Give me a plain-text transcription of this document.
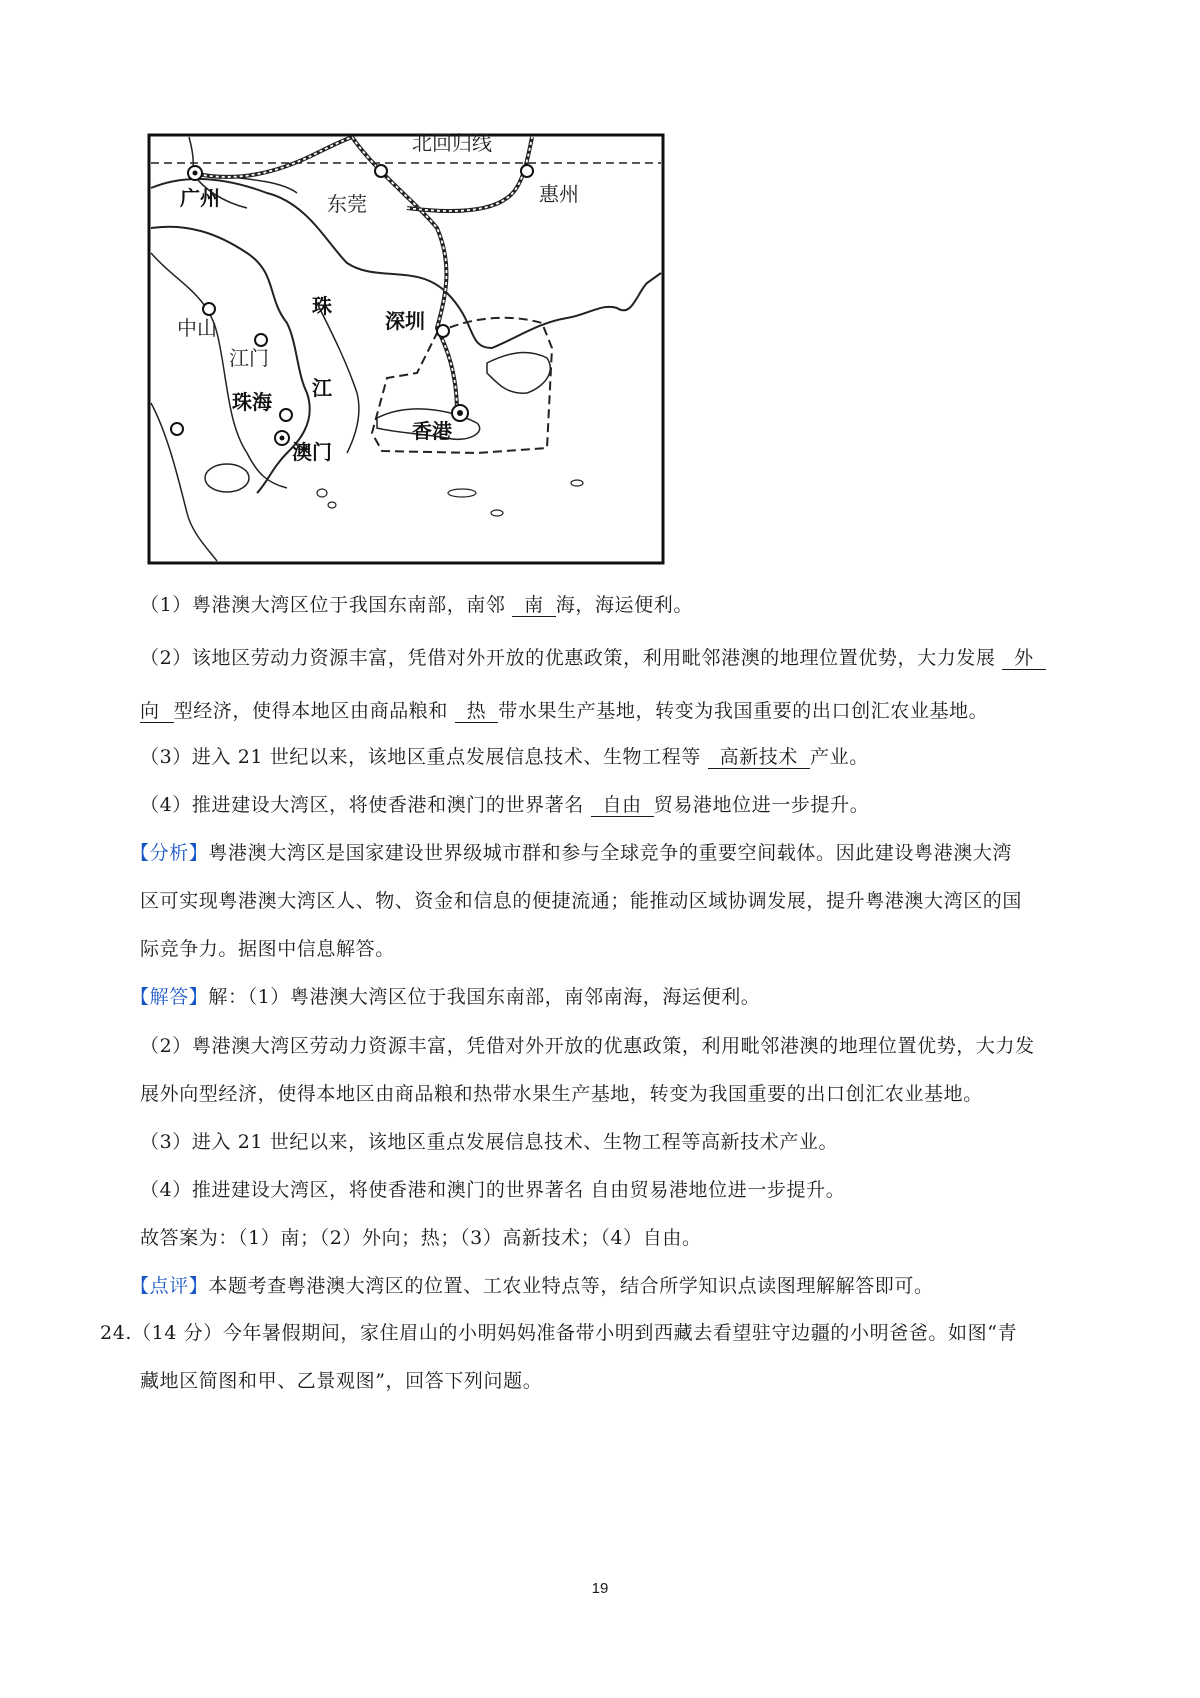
北回归线
广州	东莞	惠州
珠
江
深圳
中山
江门
珠海
澳门
香港
（1）粤港澳大湾区位于我国东南部，南邻 南 海，海运便利。
（2）该地区劳动力资源丰富，凭借对外开放的优惠政策，利用毗邻港澳的地理位置优势，大力发展 外
向 型经济，使得本地区由商品粮和 热 带水果生产基地，转变为我国重要的出口创汇农业基地。
（3）进入 21 世纪以来，该地区重点发展信息技术、生物工程等 高新技术 产业。
（4）推进建设大湾区，将使香港和澳门的世界著名 自由 贸易港地位进一步提升。
【分析】粤港澳大湾区是国家建设世界级城市群和参与全球竞争的重要空间载体。因此建设粤港澳大湾
区可实现粤港澳大湾区人、物、资金和信息的便捷流通；能推动区域协调发展，提升粤港澳大湾区的国
际竞争力。据图中信息解答。
【解答】解：（1）粤港澳大湾区位于我国东南部，南邻南海，海运便利。
（2）粤港澳大湾区劳动力资源丰富，凭借对外开放的优惠政策，利用毗邻港澳的地理位置优势，大力发
展外向型经济，使得本地区由商品粮和热带水果生产基地，转变为我国重要的出口创汇农业基地。
（3）进入 21 世纪以来，该地区重点发展信息技术、生物工程等高新技术产业。
（4）推进建设大湾区，将使香港和澳门的世界著名 自由贸易港地位进一步提升。
故答案为：（1）南；（2）外向；热；（3）高新技术；（4）自由。
【点评】本题考查粤港澳大湾区的位置、工农业特点等，结合所学知识点读图理解解答即可。
24.（14 分）今年暑假期间，家住眉山的小明妈妈准备带小明到西藏去看望驻守边疆的小明爸爸。如图“青
藏地区简图和甲、乙景观图”，回答下列问题。
19
